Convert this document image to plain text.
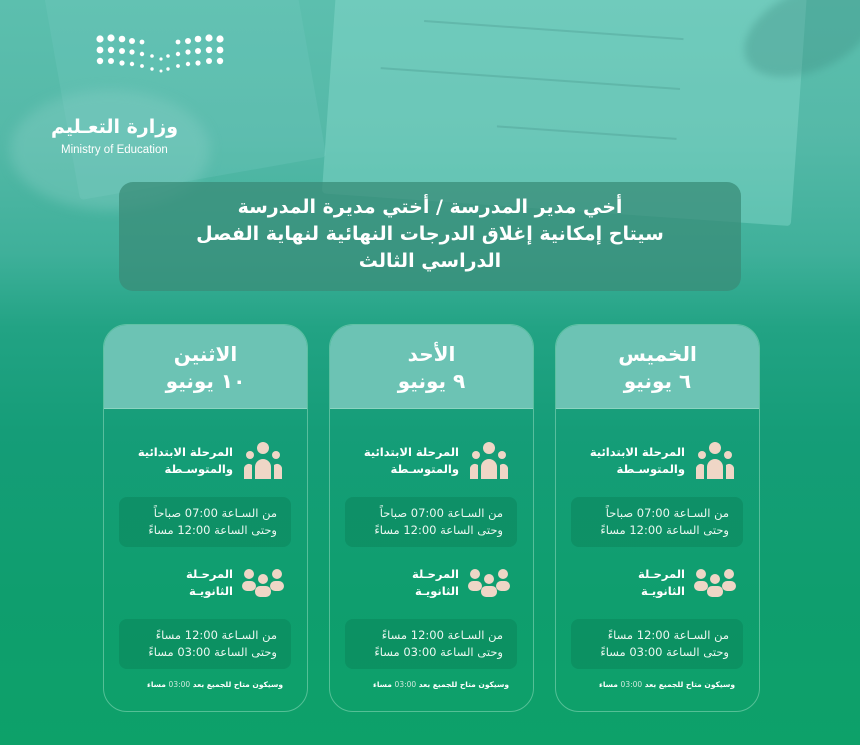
وزارة التعـليم
Ministry of Education
أخي مدير المدرسة / أختي مديرة المدرسة
سيتاح إمكانية إغلاق الدرجات النهائية لنهاية الفصل
الدراسي الثالث
الخميس
٦ يونيو
المرحلة الابتدائية
والمتوسـطة
من السـاعة 07:00 صباحاً
وحتى الساعة 12:00 مساءً
المرحـلة
الثانويـة
من السـاعة 12:00 مساءً
وحتى الساعة 03:00 مساءً
وسيكون متاح للجميع بعد 03:00 مساء
الأحد
٩ يونيو
المرحلة الابتدائية
والمتوسـطة
من السـاعة 07:00 صباحاً
وحتى الساعة 12:00 مساءً
المرحـلة
الثانويـة
من السـاعة 12:00 مساءً
وحتى الساعة 03:00 مساءً
وسيكون متاح للجميع بعد 03:00 مساء
الاثنين
١٠ يونيو
المرحلة الابتدائية
والمتوسـطة
من السـاعة 07:00 صباحاً
وحتى الساعة 12:00 مساءً
المرحـلة
الثانويـة
من السـاعة 12:00 مساءً
وحتى الساعة 03:00 مساءً
وسيكون متاح للجميع بعد 03:00 مساء
